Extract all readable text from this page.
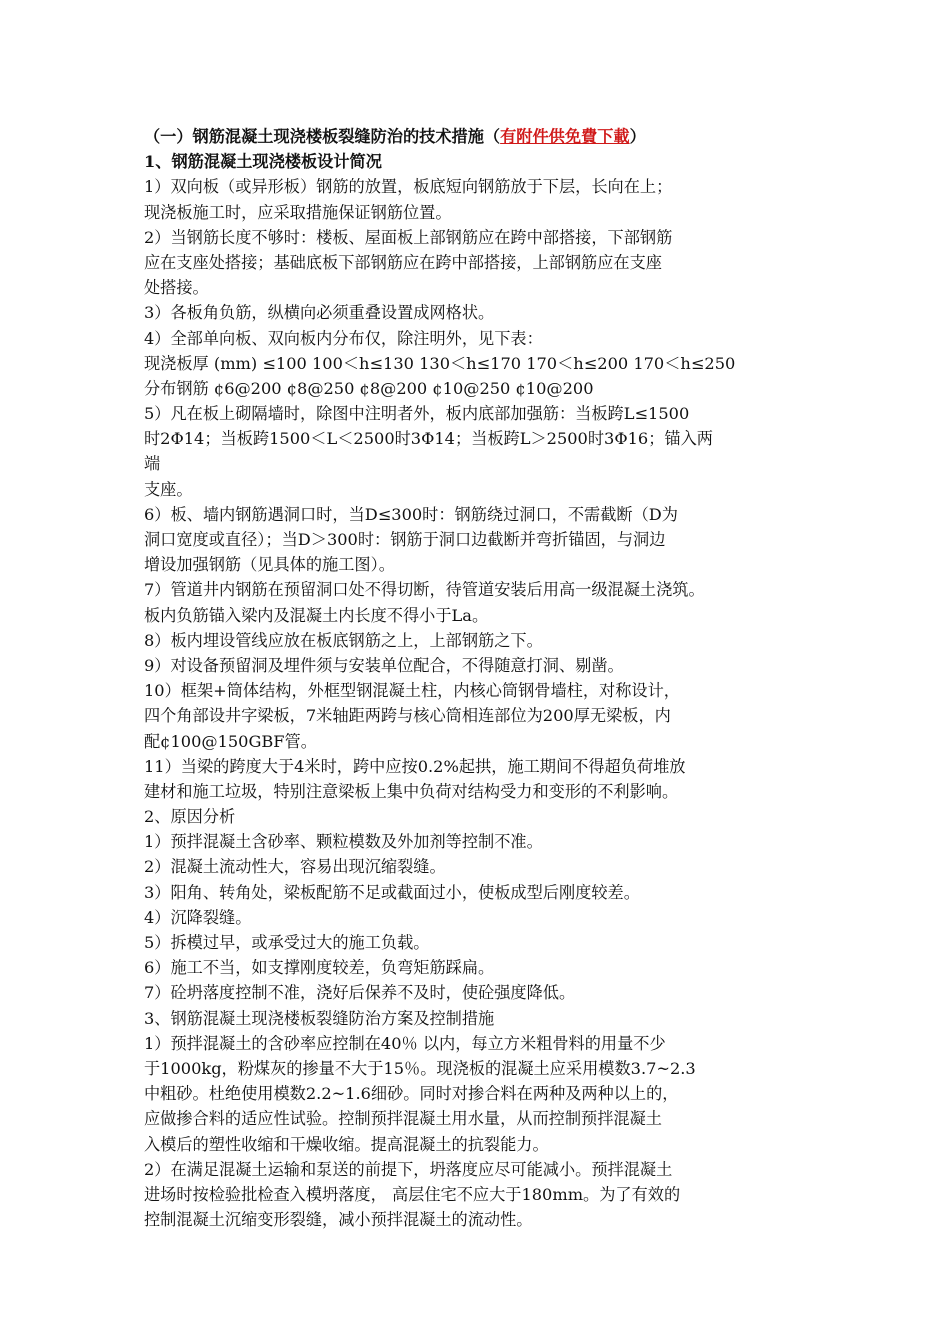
（一）钢筋混凝土现浇楼板裂缝防治的技术措施（有附件供免費下載）
1、钢筋混凝土现浇楼板设计简况
1）双向板（或异形板）钢筋的放置，板底短向钢筋放于下层，长向在上；
现浇板施工时，应采取措施保证钢筋位置。
2）当钢筋长度不够时：楼板、屋面板上部钢筋应在跨中部搭接，下部钢筋
应在支座处搭接；基础底板下部钢筋应在跨中部搭接，上部钢筋应在支座
处搭接。
3）各板角负筋，纵横向必须重叠设置成网格状。
4）全部单向板、双向板内分布仅，除注明外，见下表：
现浇板厚 (mm) ≤100 100＜h≤130 130＜h≤170 170＜h≤200 170＜h≤250
分布钢筋 ¢6@200 ¢8@250 ¢8@200 ¢10@250 ¢10@200
5）凡在板上砌隔墙时，除图中注明者外，板内底部加强筋：当板跨L≤1500
时2Φ14；当板跨1500＜L＜2500时3Φ14；当板跨L＞2500时3Φ16；锚入两
端
支座。
6）板、墙内钢筋遇洞口时，当D≤300时：钢筋绕过洞口，不需截断（D为
洞口宽度或直径）；当D＞300时：钢筋于洞口边截断并弯折锚固，与洞边
增设加强钢筋（见具体的施工图）。
7）管道井内钢筋在预留洞口处不得切断，待管道安装后用高一级混凝土浇筑。
板内负筋锚入梁内及混凝土内长度不得小于La。
8）板内埋设管线应放在板底钢筋之上，上部钢筋之下。
9）对设备预留洞及埋件须与安装单位配合，不得随意打洞、剔凿。
10）框架+筒体结构，外框型钢混凝土柱，内核心筒钢骨墙柱，对称设计，
四个角部设井字梁板，7米轴距两跨与核心筒相连部位为200厚无梁板，内
配¢100@150GBF管。
11）当梁的跨度大于4米时，跨中应按0.2%起拱，施工期间不得超负荷堆放
建材和施工垃圾，特别注意梁板上集中负荷对结构受力和变形的不利影响。
2、原因分析
1）预拌混凝土含砂率、颗粒模数及外加剂等控制不准。
2）混凝土流动性大，容易出现沉缩裂缝。
3）阳角、转角处，梁板配筋不足或截面过小，使板成型后刚度较差。
4）沉降裂缝。
5）拆模过早，或承受过大的施工负载。
6）施工不当，如支撑刚度较差，负弯矩筋踩扁。
7）砼坍落度控制不准，浇好后保养不及时，使砼强度降低。
3、钢筋混凝土现浇楼板裂缝防治方案及控制措施
1）预拌混凝土的含砂率应控制在40％ 以内，每立方米粗骨料的用量不少
于1000kg，粉煤灰的掺量不大于15％。现浇板的混凝土应采用模数3.7~2.3
中粗砂。杜绝使用模数2.2~1.6细砂。同时对掺合料在两种及两种以上的，
应做掺合料的适应性试验。控制预拌混凝土用水量，从而控制预拌混凝土
入模后的塑性收缩和干燥收缩。提高混凝土的抗裂能力。
2）在满足混凝土运输和泵送的前提下，坍落度应尽可能减小。预拌混凝土
进场时按检验批检查入模坍落度， 高层住宅不应大于180mm。为了有效的
控制混凝土沉缩变形裂缝，减小预拌混凝土的流动性。
